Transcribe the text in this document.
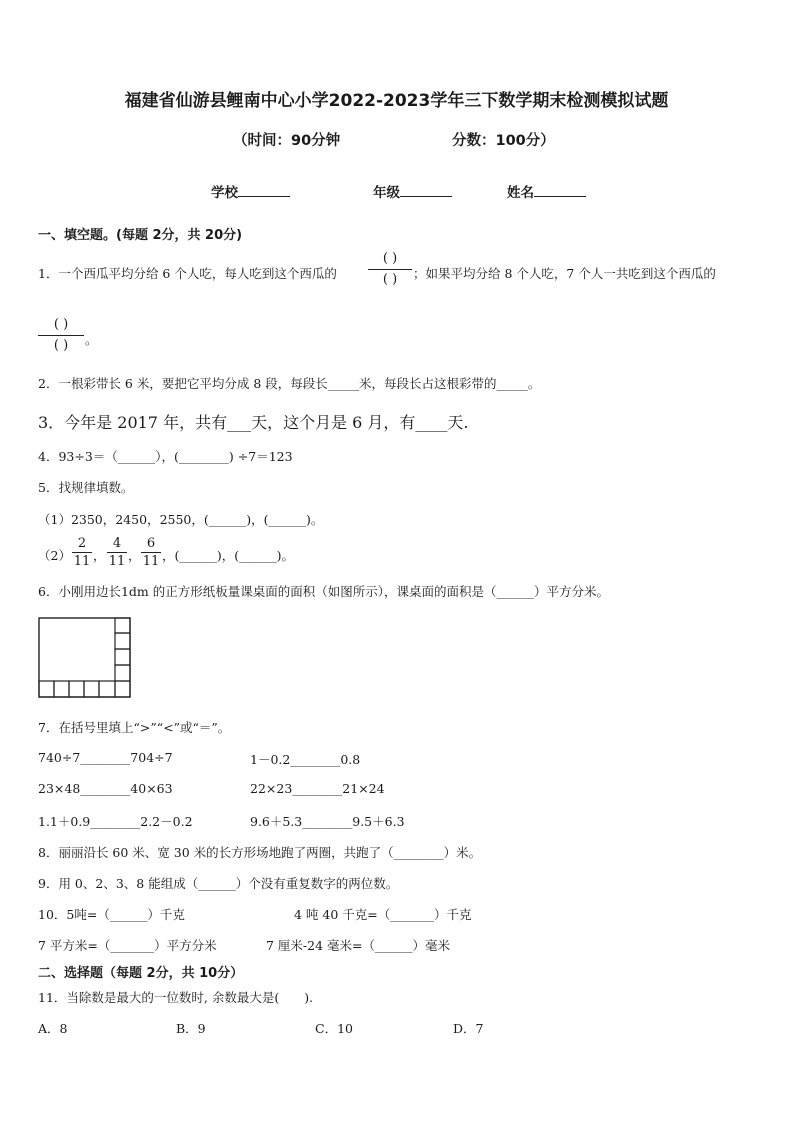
福建省仙游县鲤南中心小学2022-2023学年三下数学期末检测模拟试题
（时间：90分钟	分数：100分）
学校	年级	姓名
一、填空题。(每题 2分，共 20分)
1．一个西瓜平均分给 6 个人吃，每人吃到这个西瓜的
( )
( )	；如果平均分给 8 个人吃，7 个人一共吃到这个西瓜的
( )
( )	。
2．一根彩带长 6 米，要把它平均分成 8 段，每段长_____米，每段长占这根彩带的_____。
3．今年是 2017 年，共有___天，这个月是 6 月，有____天.
4．93÷3＝（______），(________) ÷7＝123
5．找规律填数。
（1）2350，2450，2550，(______)，(______)。
（2）
2
11 ，
4
11 ，
6
11 ，(______)，(______)。
6．小刚用边长1dm 的正方形纸板量课桌面的面积（如图所示），课桌面的面积是（______）平方分米。
7．在括号里填上“>”“<”或“＝”。
740÷7________704÷7	1－0.2________0.8
23×48________40×63	22×23________21×24
1.1＋0.9________2.2－0.2	9.6＋5.3________9.5＋6.3
8．丽丽沿长 60 米、宽 30 米的长方形场地跑了两圈，共跑了（________）米。
9．用 0、2、3、8 能组成（______）个没有重复数字的两位数。
10．5吨=（______）千克	4 吨 40 千克=（_______）千克
7 平方米=（_______）平方分米	7 厘米-24 毫米=（______）毫米
二、选择题（每题 2分，共 10分）
11．当除数是最大的一位数时, 余数最大是(　　).
A．8	B．9	C．10	D．7
